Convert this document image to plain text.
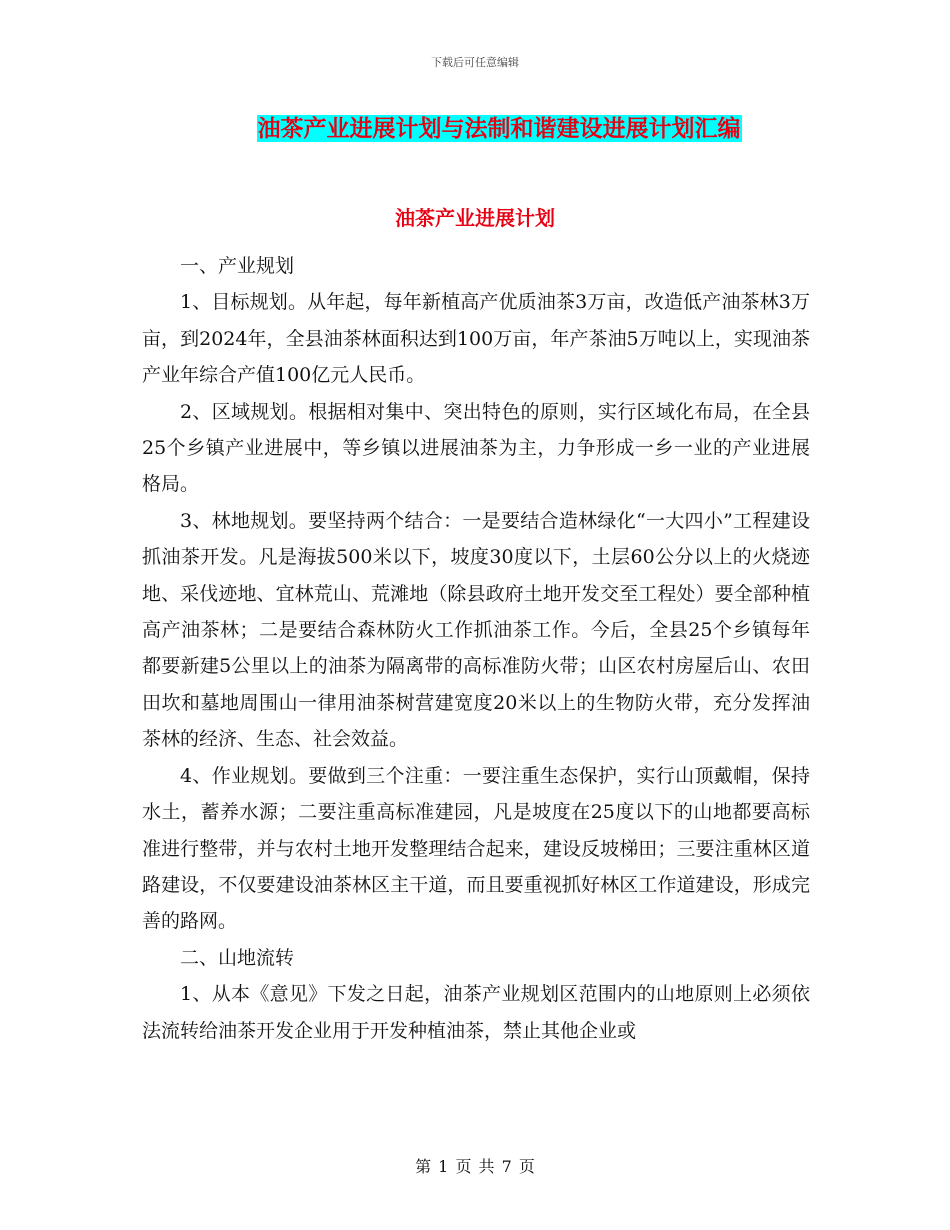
下载后可任意编辑
油茶产业进展计划与法制和谐建设进展计划汇编
油茶产业进展计划

一、产业规划

1、目标规划。从年起，每年新植高产优质油茶3万亩，改造低产油茶林3万亩，到2024年，全县油茶林面积达到100万亩，年产茶油5万吨以上，实现油茶产业年综合产值100亿元人民币。

2、区域规划。根据相对集中、突出特色的原则，实行区域化布局，在全县25个乡镇产业进展中，等乡镇以进展油茶为主，力争形成一乡一业的产业进展格局。

3、林地规划。要坚持两个结合：一是要结合造林绿化“一大四小”工程建设抓油茶开发。凡是海拔500米以下，坡度30度以下，土层60公分以上的火烧迹地、采伐迹地、宜林荒山、荒滩地（除县政府土地开发交至工程处）要全部种植高产油茶林；二是要结合森林防火工作抓油茶工作。今后，全县25个乡镇每年都要新建5公里以上的油茶为隔离带的高标准防火带；山区农村房屋后山、农田田坎和墓地周围山一律用油茶树营建宽度20米以上的生物防火带，充分发挥油茶林的经济、生态、社会效益。

4、作业规划。要做到三个注重：一要注重生态保护，实行山顶戴帽，保持水土，蓄养水源；二要注重高标准建园，凡是坡度在25度以下的山地都要高标准进行整带，并与农村土地开发整理结合起来，建设反坡梯田；三要注重林区道路建设，不仅要建设油茶林区主干道，而且要重视抓好林区工作道建设，形成完善的路网。

二、山地流转

1、从本《意见》下发之日起，油茶产业规划区范围内的山地原则上必须依法流转给油茶开发企业用于开发种植油茶，禁止其他企业或

第 1 页 共 7 页
